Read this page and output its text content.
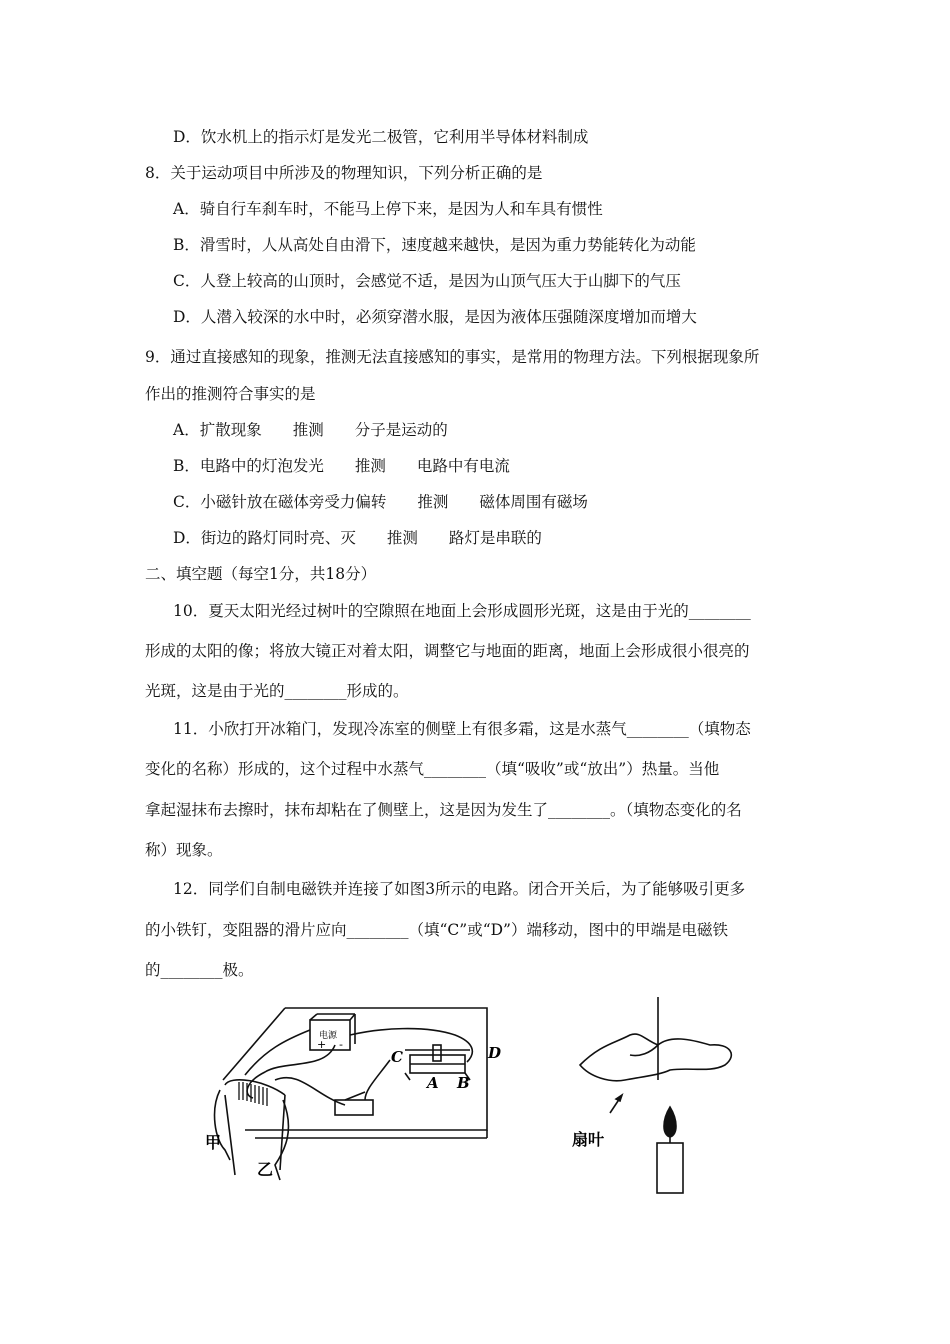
D．饮水机上的指示灯是发光二极管，它利用半导体材料制成
8．关于运动项目中所涉及的物理知识，下列分析正确的是
A．骑自行车刹车时，不能马上停下来，是因为人和车具有惯性
B．滑雪时，人从高处自由滑下，速度越来越快，是因为重力势能转化为动能
C．人登上较高的山顶时，会感觉不适，是因为山顶气压大于山脚下的气压
D．人潜入较深的水中时，必须穿潜水服，是因为液体压强随深度增加而增大
9．通过直接感知的现象，推测无法直接感知的事实，是常用的物理方法。下列根据现象所
作出的推测符合事实的是
A．扩散现象　　推测　　分子是运动的
B．电路中的灯泡发光　　推测　　电路中有电流
C．小磁针放在磁体旁受力偏转　　推测　　磁体周围有磁场
D．街边的路灯同时亮、灭　　推测　　路灯是串联的
二、填空题（每空1分，共18分）
10．夏天太阳光经过树叶的空隙照在地面上会形成圆形光斑，这是由于光的________
形成的太阳的像；将放大镜正对着太阳，调整它与地面的距离，地面上会形成很小很亮的
光斑，这是由于光的________形成的。
11．小欣打开冰箱门，发现冷冻室的侧壁上有很多霜，这是水蒸气________（填物态
变化的名称）形成的，这个过程中水蒸气________（填“吸收”或“放出”）热量。当他
拿起湿抹布去擦时，抹布却粘在了侧壁上，这是因为发生了________。（填物态变化的名
称）现象。
12．同学们自制电磁铁并连接了如图3所示的电路。闭合开关后，为了能够吸引更多
的小铁钉，变阻器的滑片应向________（填“C”或“D”）端移动，图中的甲端是电磁铁
的________极。
电源
+ -
C	D
A B
甲
乙
扇叶
